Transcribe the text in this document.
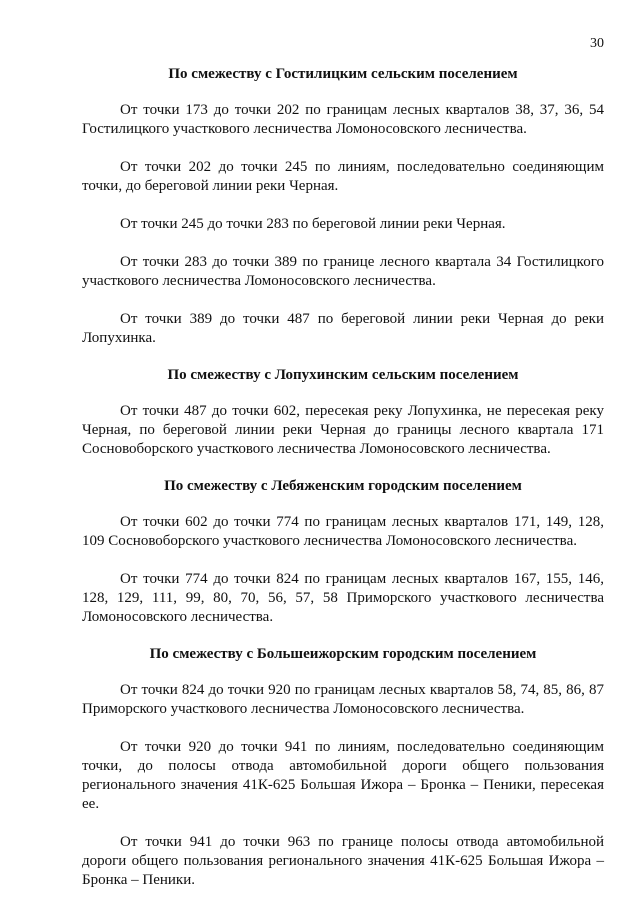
30
По смежеству с Гостилицким сельским поселением

От точки 173 до точки 202 по границам лесных кварталов 38, 37, 36, 54 Гостилицкого участкового лесничества Ломоносовского лесничества.

От точки 202 до точки 245 по линиям, последовательно соединяющим точки, до береговой линии реки Черная.

От точки 245 до точки 283 по береговой линии реки Черная.

От точки 283 до точки 389 по границе лесного квартала 34 Гостилицкого участкового лесничества Ломоносовского лесничества.

От точки 389 до точки 487 по береговой линии реки Черная до реки Лопухинка.

По смежеству с Лопухинским сельским поселением

От точки 487 до точки 602, пересекая реку Лопухинка, не пересекая реку Черная, по береговой линии реки Черная до границы лесного квартала 171 Сосновоборского участкового лесничества Ломоносовского лесничества.

По смежеству с Лебяженским городским поселением

От точки 602 до точки 774 по границам лесных кварталов 171, 149, 128, 109 Сосновоборского участкового лесничества Ломоносовского лесничества.

От точки 774 до точки 824 по границам лесных кварталов 167, 155, 146, 128, 129, 111, 99, 80, 70, 56, 57, 58 Приморского участкового лесничества Ломоносовского лесничества.

По смежеству с Большеижорским городским поселением

От точки 824 до точки 920 по границам лесных кварталов 58, 74, 85, 86, 87 Приморского участкового лесничества Ломоносовского лесничества.

От точки 920 до точки 941 по линиям, последовательно соединяющим точки, до полосы отвода автомобильной дороги общего пользования регионального значения 41К-625 Большая Ижора – Бронка – Пеники, пересекая ее.

От точки 941 до точки 963 по границе полосы отвода автомобильной дороги общего пользования регионального значения 41К-625 Большая Ижора – Бронка – Пеники.
